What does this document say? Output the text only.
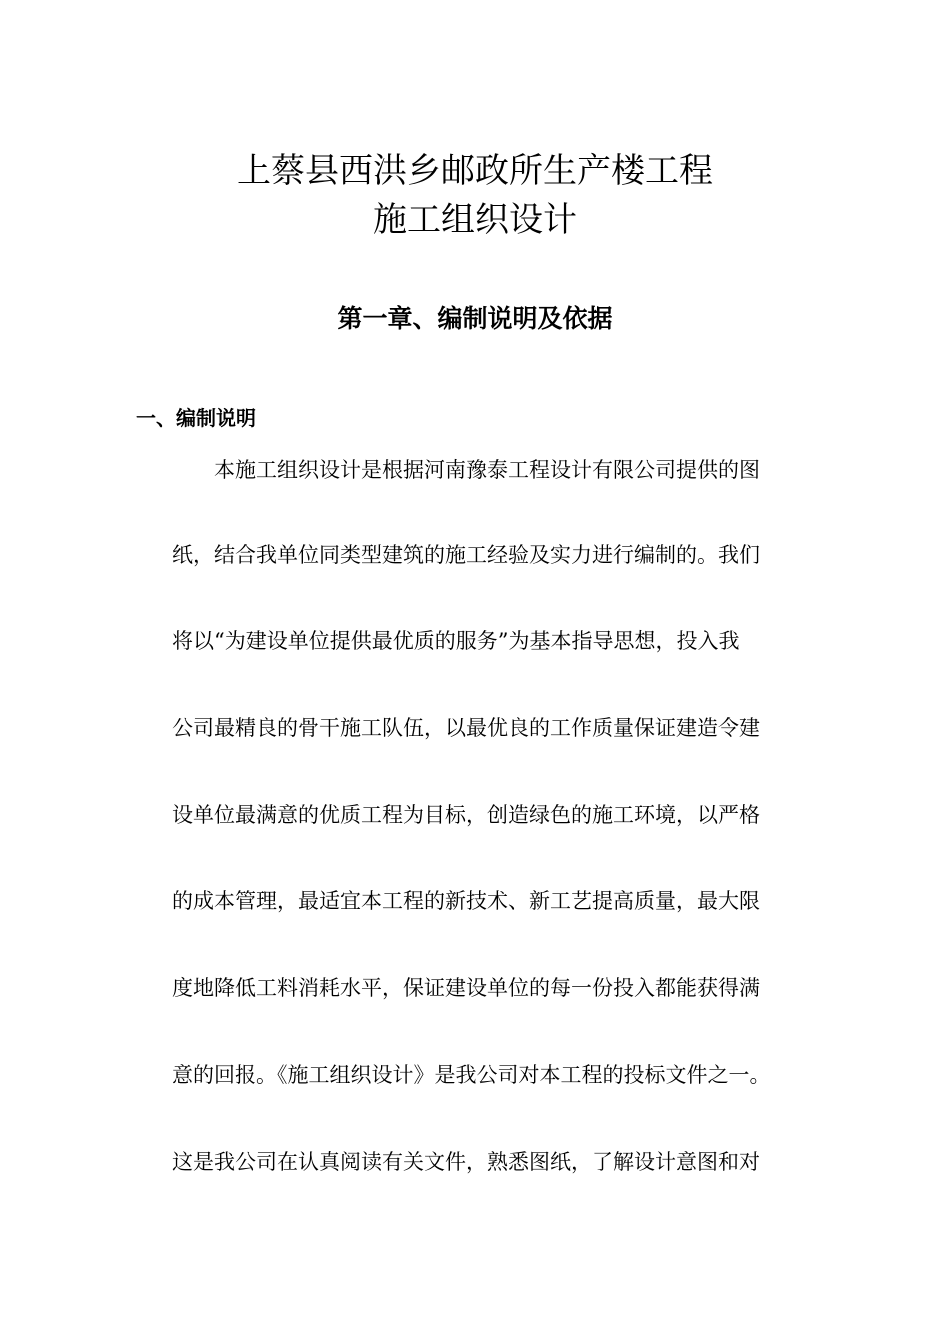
上蔡县西洪乡邮政所生产楼工程
施工组织设计
第一章、编制说明及依据
一、编制说明

本施工组织设计是根据河南豫泰工程设计有限公司提供的图

纸，结合我单位同类型建筑的施工经验及实力进行编制的。我们

将以“为建设单位提供最优质的服务”为基本指导思想，投入我

公司最精良的骨干施工队伍，以最优良的工作质量保证建造令建

设单位最满意的优质工程为目标，创造绿色的施工环境，以严格

的成本管理，最适宜本工程的新技术、新工艺提高质量，最大限

度地降低工料消耗水平，保证建设单位的每一份投入都能获得满

意的回报。《施工组织设计》是我公司对本工程的投标文件之一。

这是我公司在认真阅读有关文件，熟悉图纸，了解设计意图和对
